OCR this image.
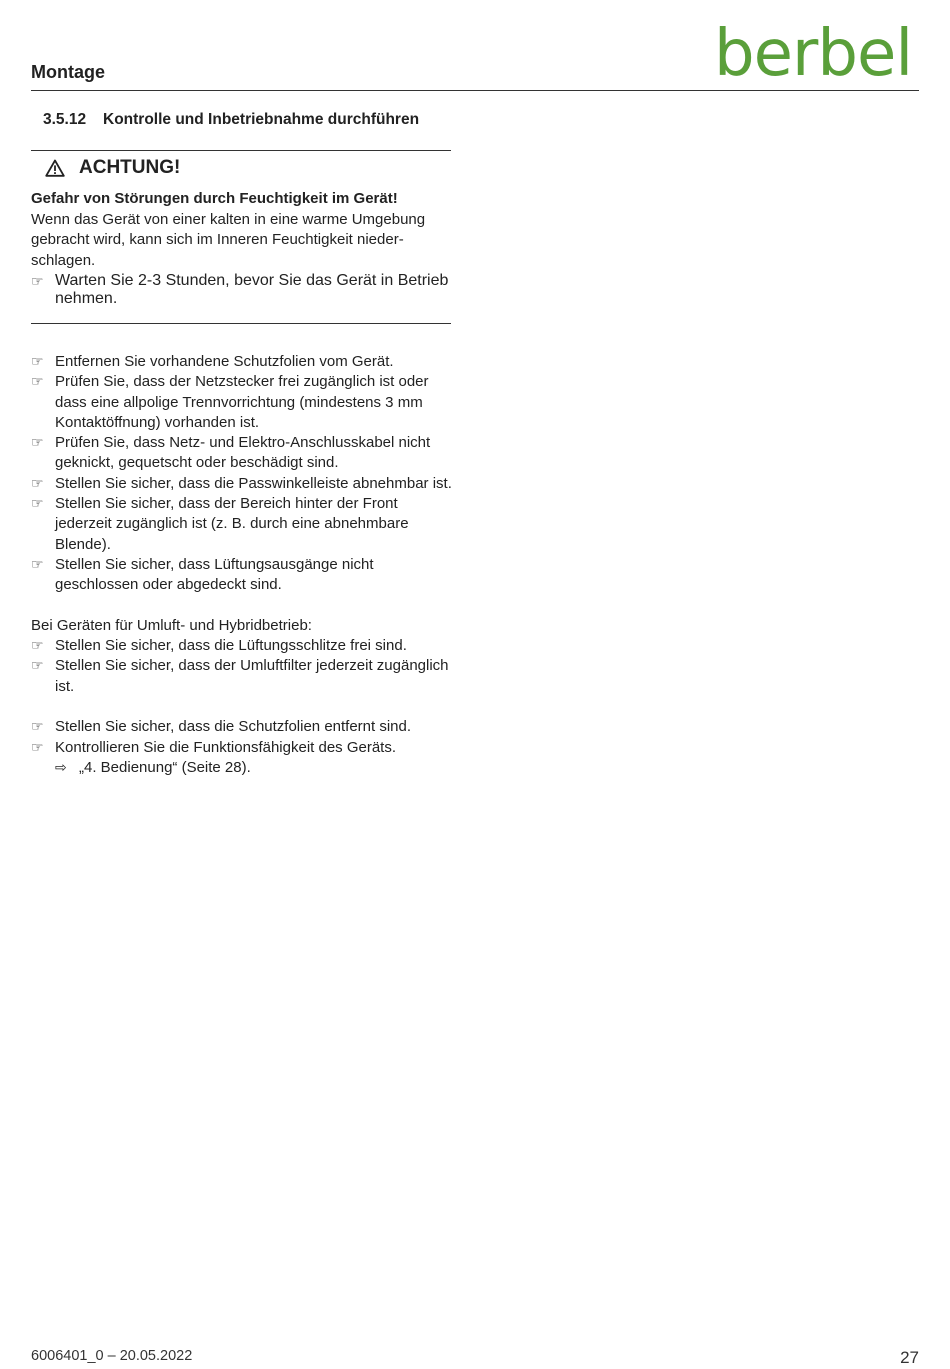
Montage	berbel
3.5.12 Kontrolle und Inbetriebnahme durchführen
ACHTUNG!
Gefahr von Störungen durch Feuchtigkeit im Gerät!
Wenn das Gerät von einer kalten in eine warme Umgebung gebracht wird, kann sich im Inneren Feuchtigkeit nieder-schlagen.
☞ Warten Sie 2-3 Stunden, bevor Sie das Gerät in Betrieb nehmen.
☞ Entfernen Sie vorhandene Schutzfolien vom Gerät.
☞ Prüfen Sie, dass der Netzstecker frei zugänglich ist oder dass eine allpolige Trennvorrichtung (mindestens 3 mm Kontaktöffnung) vorhanden ist.
☞ Prüfen Sie, dass Netz- und Elektro-Anschlusskabel nicht geknickt, gequetscht oder beschädigt sind.
☞ Stellen Sie sicher, dass die Passwinkelleiste abnehmbar ist.
☞ Stellen Sie sicher, dass der Bereich hinter der Front jederzeit zugänglich ist (z. B. durch eine abnehmbare Blende).
☞ Stellen Sie sicher, dass Lüftungsausgänge nicht geschlossen oder abgedeckt sind.
Bei Geräten für Umluft- und Hybridbetrieb:
☞ Stellen Sie sicher, dass die Lüftungsschlitze frei sind.
☞ Stellen Sie sicher, dass der Umluftfilter jederzeit zugänglich ist.
☞ Stellen Sie sicher, dass die Schutzfolien entfernt sind.
☞ Kontrollieren Sie die Funktionsfähigkeit des Geräts.
⇨ „4. Bedienung“ (Seite 28).
6006401_0 – 20.05.2022	27
